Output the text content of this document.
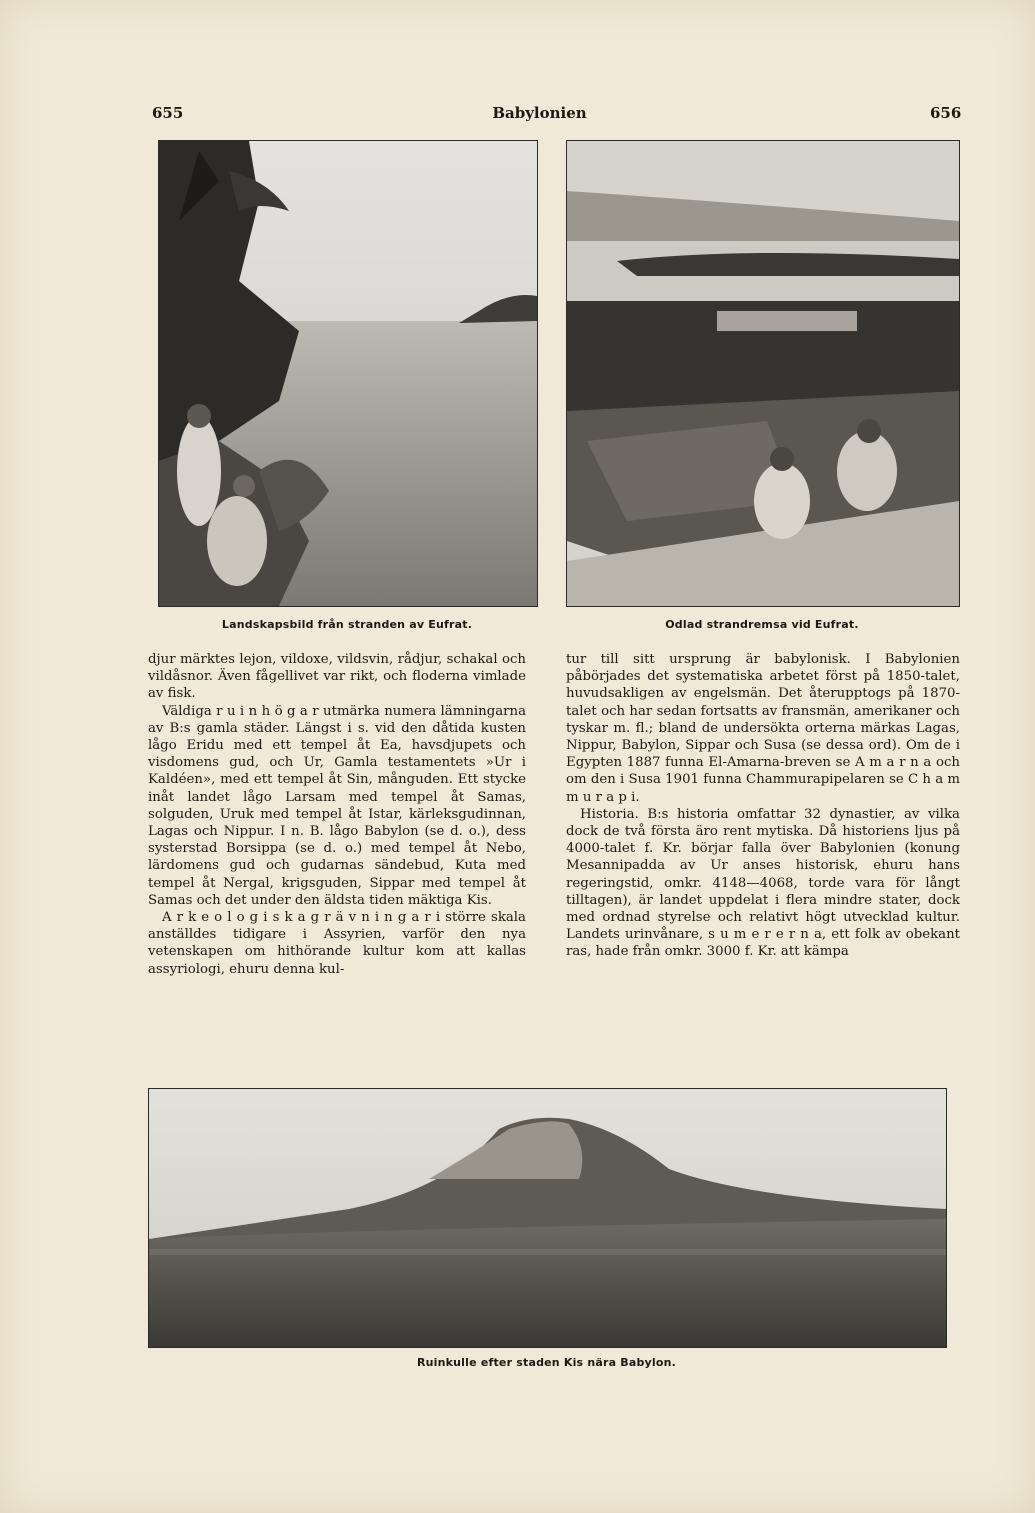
655	Babylonien	656
Landskapsbild från stranden av Eufrat.	Odlad strandremsa vid Eufrat.

djur märktes lejon, vildoxe, vildsvin, rådjur, schakal och vildåsnor. Även fågellivet var rikt, och floderna vimlade av fisk.

Väldiga r u i n h ö g a r utmärka numera lämningarna av B:s gamla städer. Längst i s. vid den dåtida kusten lågo Eridu med ett tempel åt Ea, havsdjupets och visdomens gud, och Ur, Gamla testamentets »Ur i Kaldéen», med ett tempel åt Sin, månguden. Ett stycke inåt landet lågo Larsam med tempel åt Samas, solguden, Uruk med tempel åt Istar, kärleksgudinnan, Lagas och Nippur. I n. B. lågo Babylon (se d. o.), dess systerstad Borsippa (se d. o.) med tempel åt Nebo, lärdomens gud och gudarnas sändebud, Kuta med tempel åt Nergal, krigsguden, Sippar med tempel åt Samas och det under den äldsta tiden mäktiga Kis.

A r k e o l o g i s k a g r ä v n i n g a r i större skala anställdes tidigare i Assyrien, varför den nya vetenskapen om hithörande kultur kom att kallas assyriologi, ehuru denna kul-

tur till sitt ursprung är babylonisk. I Babylonien påbörjades det systematiska arbetet först på 1850-talet, huvudsakligen av engelsmän. Det återupptogs på 1870-talet och har sedan fortsatts av fransmän, amerikaner och tyskar m. fl.; bland de undersökta orterna märkas Lagas, Nippur, Babylon, Sippar och Susa (se dessa ord). Om de i Egypten 1887 funna El-Amarna-breven se A m a r n a och om den i Susa 1901 funna Chammurapipelaren se C h a m m u r a p i.

Historia. B:s historia omfattar 32 dynastier, av vilka dock de två första äro rent mytiska. Då historiens ljus på 4000-talet f. Kr. börjar falla över Babylonien (konung Mesannipadda av Ur anses historisk, ehuru hans regeringstid, omkr. 4148—4068, torde vara för långt tilltagen), är landet uppdelat i flera mindre stater, dock med ordnad styrelse och relativt högt utvecklad kultur. Landets urinvånare, s u m e r e r n a, ett folk av obekant ras, hade från omkr. 3000 f. Kr. att kämpa

Ruinkulle efter staden Kis nära Babylon.
